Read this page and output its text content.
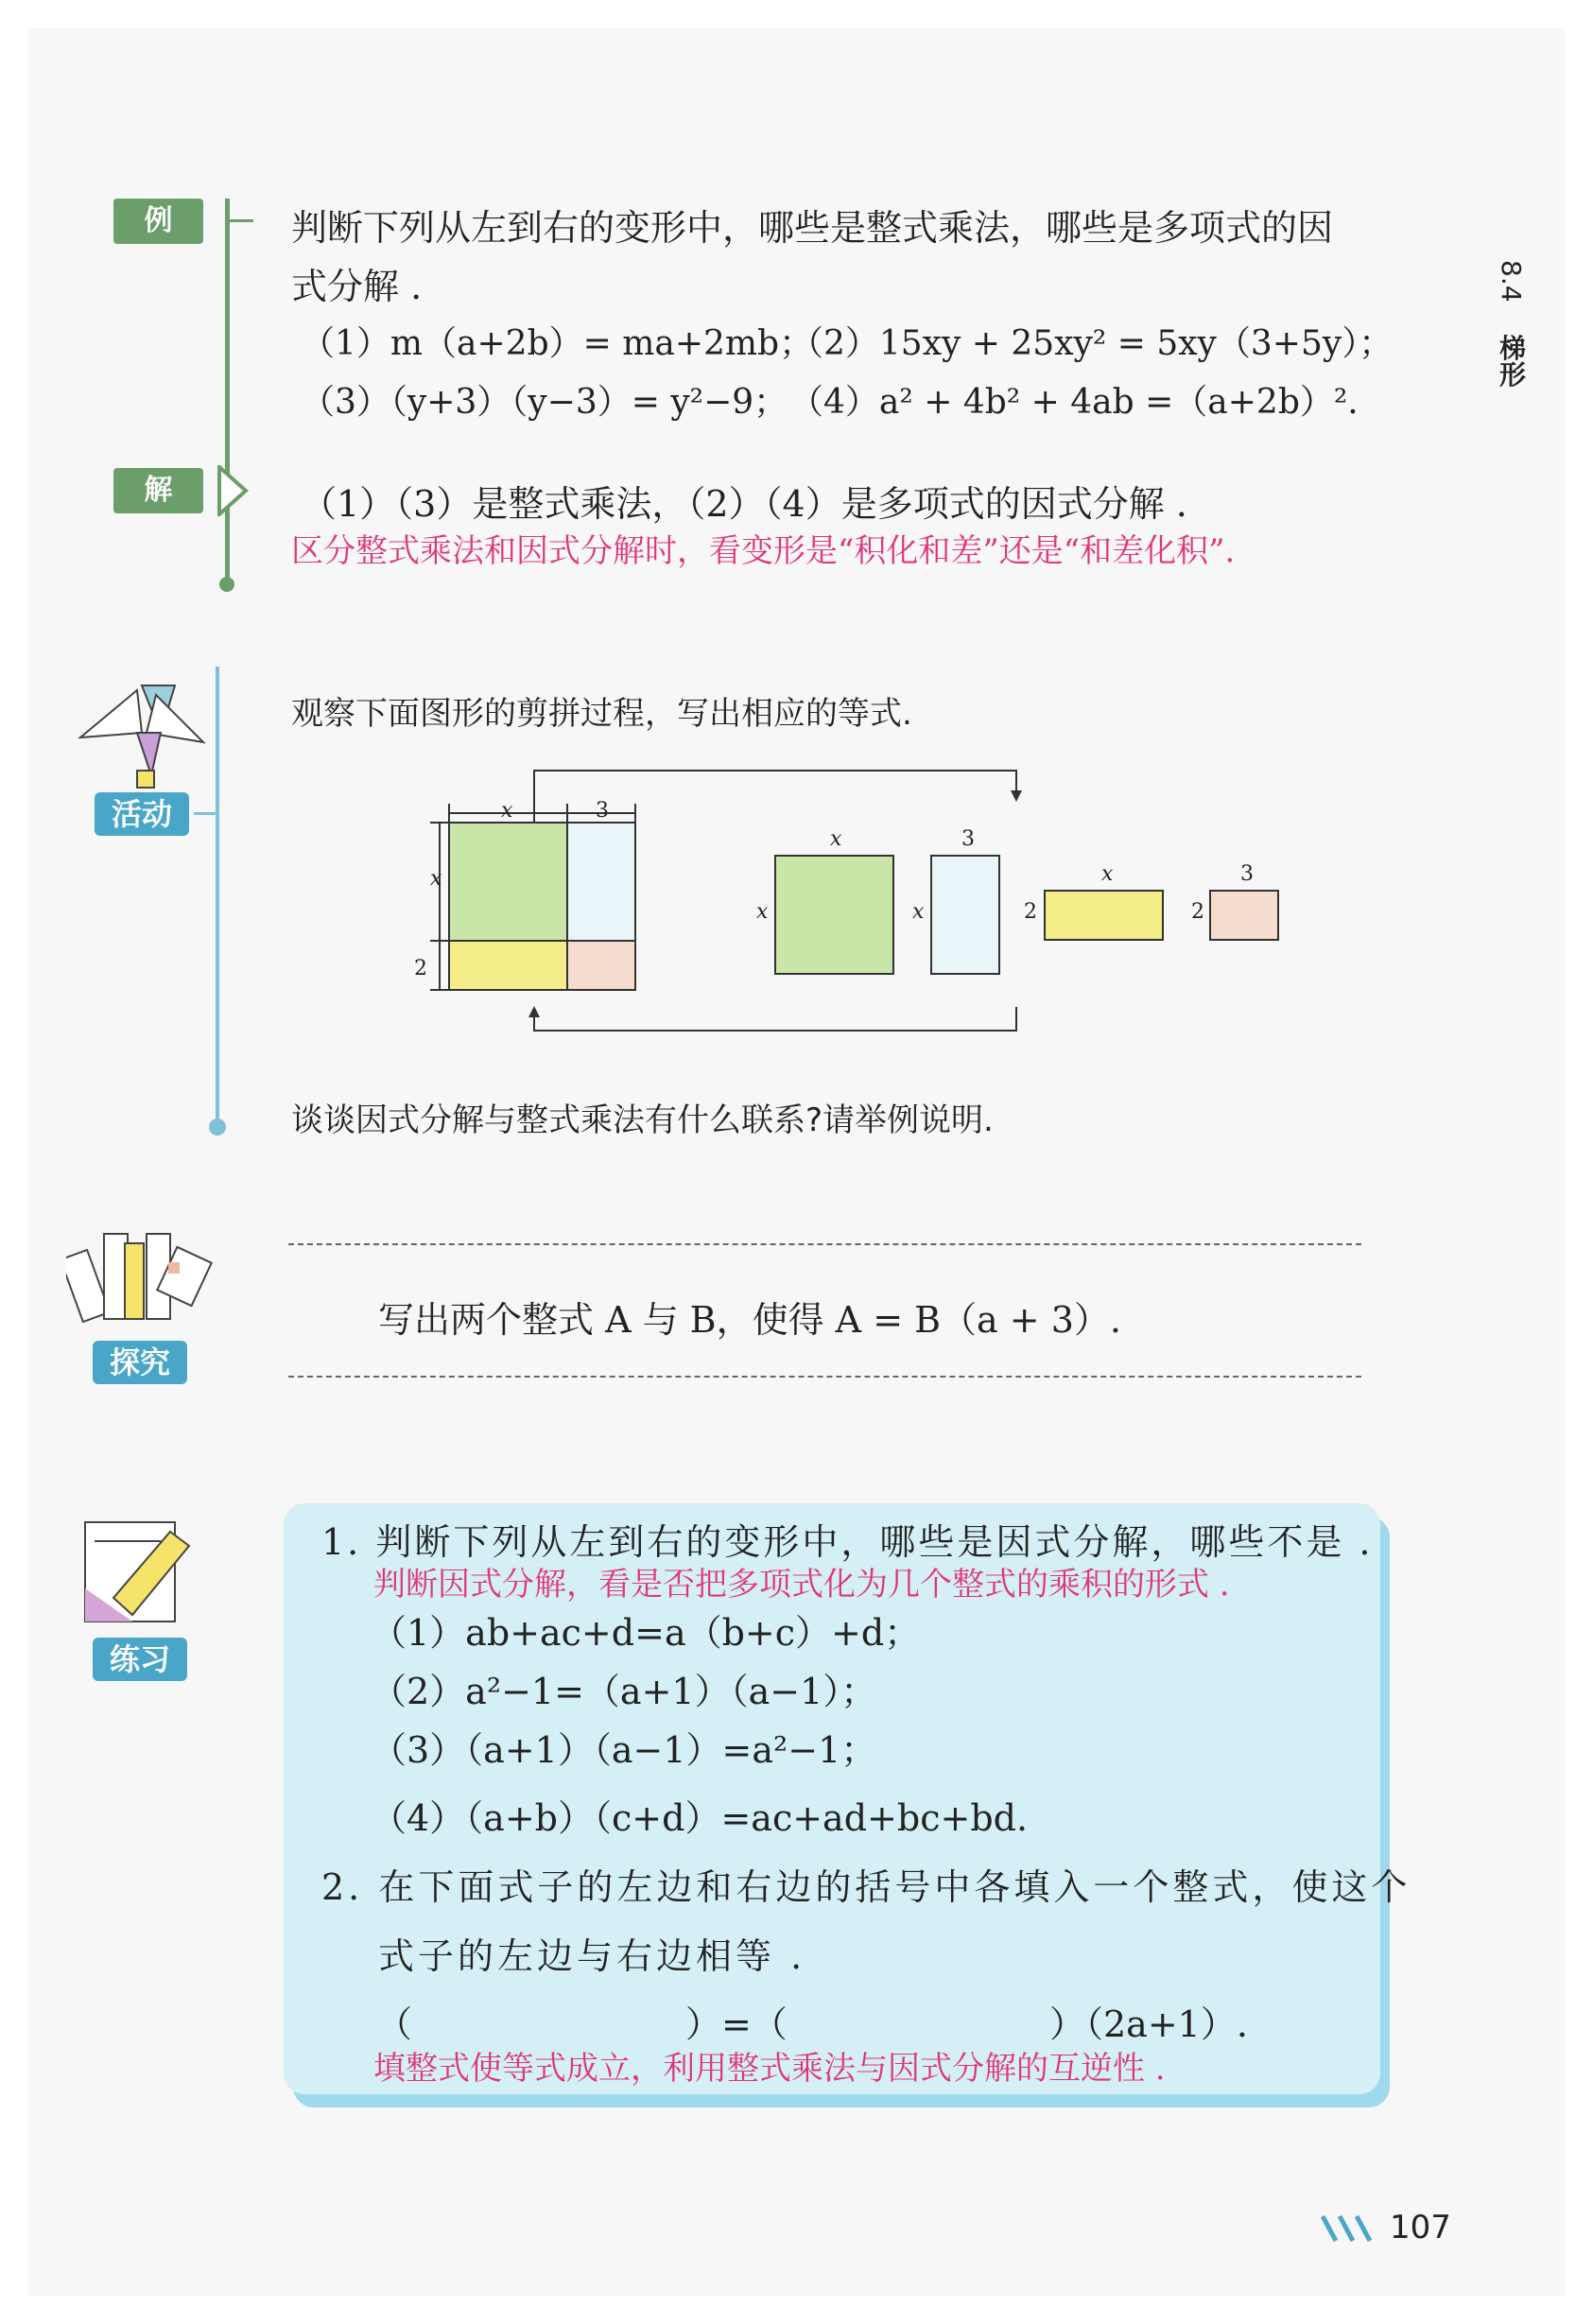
8.4  梯形
例	判断下列从左到右的变形中，哪些是整式乘法，哪些是多项式的因
式分解 .
（1）m（a+2b）= ma+2mb；
（2）15xy + 25xy² = 5xy（3+5y）；
（3）（y+3）（y−3）= y²−9； （4）a² + 4b² + 4ab =（a+2b）².
解	（1）（3）是整式乘法，（2）（4）是多项式的因式分解 .
区分整式乘法和因式分解时，看变形是“积化和差”还是“和差化积”.
活动
观察下面图形的剪拼过程，写出相应的等式.
x	3
x
2
x
x
3
x
x
2
3
2
谈谈因式分解与整式乘法有什么联系?请举例说明.
探究
写出两个整式 A 与 B，使得 A = B（a + 3）.
练习
1. 判断下列从左到右的变形中，哪些是因式分解，哪些不是 .
判断因式分解，看是否把多项式化为几个整式的乘积的形式 .
（1）ab+ac+d=a（b+c）+d；
（2）a²−1=（a+1）（a−1）；
（3）（a+1）（a−1）=a²−1；
（4）（a+b）（c+d）=ac+ad+bc+bd.
2. 在下面式子的左边和右边的括号中各填入一个整式，使这个
式子的左边与右边相等 .
（	）=（	）（2a+1）.
填整式使等式成立，利用整式乘法与因式分解的互逆性 .
107
